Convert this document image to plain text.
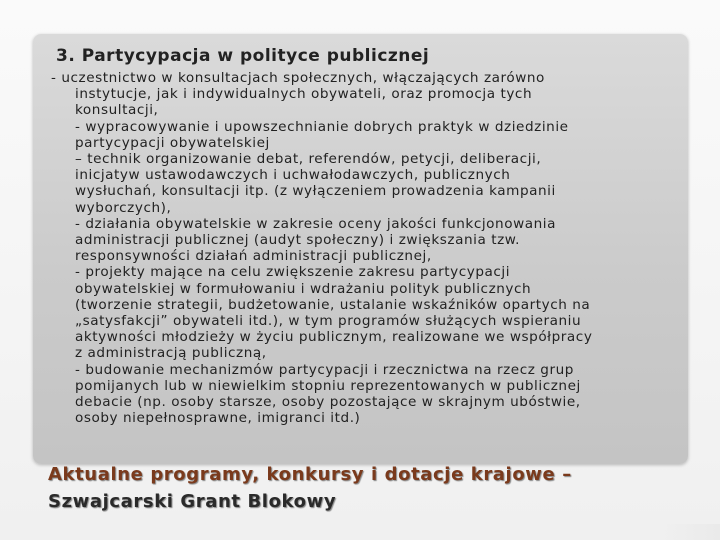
3. Partycypacja w polityce publicznej
- uczestnictwo w konsultacjach społecznych, włączających zarówno
instytucje, jak i indywidualnych obywateli, oraz promocja tych
konsultacji,
- wypracowywanie i upowszechnianie dobrych praktyk w dziedzinie
partycypacji obywatelskiej
– technik organizowanie debat, referendów, petycji, deliberacji,
inicjatyw ustawodawczych i uchwałodawczych, publicznych
wysłuchań, konsultacji itp. (z wyłączeniem prowadzenia kampanii
wyborczych),
- działania obywatelskie w zakresie oceny jakości funkcjonowania
administracji publicznej (audyt społeczny) i zwiększania tzw.
responsywności działań administracji publicznej,
- projekty mające na celu zwiększenie zakresu partycypacji
obywatelskiej w formułowaniu i wdrażaniu polityk publicznych
(tworzenie strategii, budżetowanie, ustalanie wskaźników opartych na
„satysfakcji” obywateli itd.), w tym programów służących wspieraniu
aktywności młodzieży w życiu publicznym, realizowane we współpracy
z administracją publiczną,
- budowanie mechanizmów partycypacji i rzecznictwa na rzecz grup
pomijanych lub w niewielkim stopniu reprezentowanych w publicznej
debacie (np. osoby starsze, osoby pozostające w skrajnym ubóstwie,
osoby niepełnosprawne, imigranci itd.)
Aktualne programy, konkursy i dotacje krajowe –
Szwajcarski Grant Blokowy
